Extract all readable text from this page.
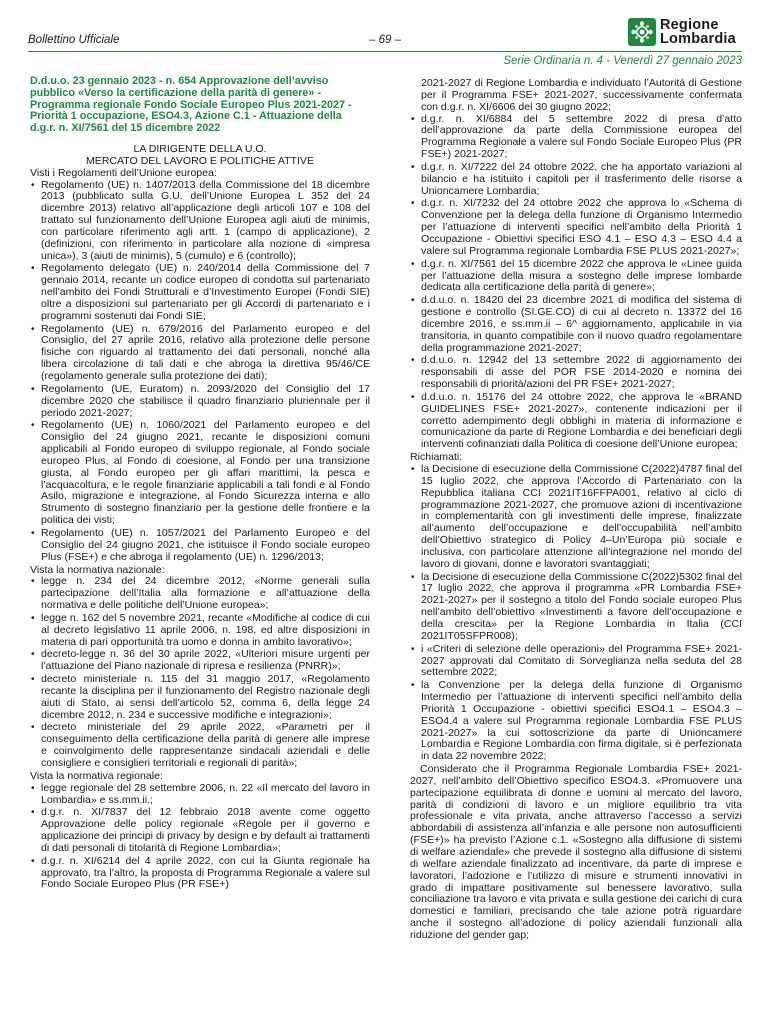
Bollettino Ufficiale	– 69 –
Regione
Lombardia
Serie Ordinaria n. 4 - Venerdì 27 gennaio 2023
D.d.u.o. 23 gennaio 2023 - n. 654 Approvazione dell’avviso pubblico «Verso la certificazione della parità di genere» - Programma regionale Fondo Sociale Europeo Plus 2021-2027 - Priorità 1 occupazione, ESO4.3, Azione C.1 - Attuazione della d.g.r. n. XI/7561 del 15 dicembre 2022

LA DIRIGENTE DELLA U.O.

MERCATO DEL LAVORO E POLITICHE ATTIVE

Visti i Regolamenti dell’Unione europea:

• Regolamento (UE) n. 1407/2013 della Commissione del 18 dicembre 2013 (pubblicato sulla G.U. dell’Unione Europea L 352 del 24 dicembre 2013) relativo all’applicazione degli articoli 107 e 108 del trattato sul funzionamento dell’Unione Europea agli aiuti de minimis, con particolare riferimento agli artt. 1 (campo di applicazione), 2 (definizioni, con riferimento in particolare alla nozione di «impresa unica»), 3 (aiuti de minimis), 5 (cumulo) e 6 (controllo);
• Regolamento delegato (UE) n. 240/2014 della Commissione del 7 gennaio 2014, recante un codice europeo di condotta sul partenariato nell’ambito dei Fondi Strutturali e d’Investimento Europei (Fondi SIE) oltre a disposizioni sul partenariato per gli Accordi di partenariato e i programmi sostenuti dai Fondi SIE;
• Regolamento (UE) n. 679/2016 del Parlamento europeo e del Consiglio, del 27 aprile 2016, relativo alla protezione delle persone fisiche con riguardo al trattamento dei dati personali, nonché alla libera circolazione di tali dati e che abroga la direttiva 95/46/CE (regolamento generale sulla protezione dei dati);
• Regolamento (UE, Euratom) n. 2093/2020 del Consiglio del 17 dicembre 2020 che stabilisce il quadro finanziario pluriennale per il periodo 2021-2027;
• Regolamento (UE) n. 1060/2021 del Parlamento europeo e del Consiglio del 24 giugno 2021, recante le disposizioni comuni applicabili al Fondo europeo di sviluppo regionale, al Fondo sociale europeo Plus, al Fondo di coesione, al Fondo per una transizione giusta, al Fondo europeo per gli affari marittimi, la pesca e l’acquacoltura, e le regole finanziarie applicabili a tali fondi e al Fondo Asilo, migrazione e integrazione, al Fondo Sicurezza interna e allo Strumento di sostegno finanziario per la gestione delle frontiere e la politica dei visti;
• Regolamento (UE) n. 1057/2021 del Parlamento Europeo e del Consiglio del 24 giugno 2021, che istituisce il Fondo sociale europeo Plus (FSE+) e che abroga il regolamento (UE) n. 1296/2013;

Vista la normativa nazionale:

• legge n. 234 del 24 dicembre 2012, «Norme generali sulla partecipazione dell’Italia alla formazione e all’attuazione della normativa e delle politiche dell’Unione europea»;
• legge n. 162 del 5 novembre 2021, recante «Modifiche al codice di cui al decreto legislativo 11 aprile 2006, n. 198, ed altre disposizioni in materia di pari opportunità tra uomo e donna in ambito lavorativo»;
• decreto-legge n. 36 del 30 aprile 2022, «Ulteriori misure urgenti per l’attuazione del Piano nazionale di ripresa e resilienza (PNRR)»;
• decreto ministeriale n. 115 del 31 maggio 2017, «Regolamento recante la disciplina per il funzionamento del Registro nazionale degli aiuti di Stato, ai sensi dell’articolo 52, comma 6, della legge 24 dicembre 2012, n. 234 e successive modifiche e integrazioni»;
• decreto ministeriale del 29 aprile 2022, «Parametri per il conseguimento della certificazione della parità di genere alle imprese e coinvolgimento delle rappresentanze sindacali aziendali e delle consigliere e consiglieri territoriali e regionali di parità»;

Vista la normativa regionale:

• legge regionale del 28 settembre 2006, n. 22 «Il mercato del lavoro in Lombardia» e ss.mm.ii.;
• d.g.r. n. XI/7837 del 12 febbraio 2018 avente come oggetto Approvazione delle policy regionale «Regole per il governo e applicazione dei principi di privacy by design e by default ai trattamenti di dati personali di titolarità di Regione Lombardia»;
• d.g.r. n. XI/6214 del 4 aprile 2022, con cui la Giunta regionale ha approvato, tra l’altro, la proposta di Programma Regionale a valere sul Fondo Sociale Europeo Plus (PR FSE+)

2021-2027 di Regione Lombardia e individuato l’Autorità di Gestione per il Programma FSE+ 2021-2027, successivamente confermata con d.g.r. n. XI/6606 del 30 giugno 2022;

• d.g.r. n. XI/6884 del 5 settembre 2022 di presa d’atto dell’approvazione da parte della Commissione europea del Programma Regionale a valere sul Fondo Sociale Europeo Plus (PR FSE+) 2021-2027;
• d.g.r. n. XI/7222 del 24 ottobre 2022, che ha apportato variazioni al bilancio e ha istituito i capitoli per il trasferimento delle risorse a Unioncamere Lombardia;
• d.g.r. n. XI/7232 del 24 ottobre 2022 che approva lo «Schema di Convenzione per la delega della funzione di Organismo Intermedio per l’attuazione di interventi specifici nell’ambito della Priorità 1 Occupazione - Obiettivi specifici ESO 4.1 – ESO 4.3 – ESO 4.4 a valere sul Programma regionale Lombardia FSE PLUS 2021-2027»;
• d.g.r. n. XI/7561 del 15 dicembre 2022 che approva le «Linee guida per l’attuazione della misura a sostegno delle imprese lombarde dedicata alla certificazione della parità di genere»;
• d.d.u.o. n. 18420 del 23 dicembre 2021 di modifica del sistema di gestione e controllo (SI.GE.CO) di cui al decreto n. 13372 del 16 dicembre 2016, e ss.mm.ii – 6^ aggiornamento, applicabile in via transitoria, in quanto compatibile con il nuovo quadro regolamentare della programmazione 2021-2027;
• d.d.u.o. n. 12942 del 13 settembre 2022 di aggiornamento dei responsabili di asse del POR FSE 2014-2020 e nomina dei responsabili di priorità/azioni del PR FSE+ 2021-2027;
• d.d.u.o. n. 15176 del 24 ottobre 2022, che approva le «BRAND GUIDELINES FSE+ 2021-2027», contenente indicazioni per il corretto adempimento degli obblighi in materia di informazione e comunicazione da parte di Regione Lombardia e dei beneficiari degli interventi cofinanziati dalla Politica di coesione dell’Unione europea;

Richiamati:

• la Decisione di esecuzione della Commissione C(2022)4787 final del 15 luglio 2022, che approva l’Accordo di Partenariato con la Repubblica italiana CCI 2021IT16FFPA001, relativo al ciclo di programmazione 2021-2027, che promuove azioni di incentivazione in complementarità con gli investimenti delle imprese, finalizzate all’aumento dell’occupazione e dell’occupabilità nell’ambito dell’Obiettivo strategico di Policy 4–Un’Europa più sociale e inclusiva, con particolare attenzione all’integrazione nel mondo del lavoro di giovani, donne e lavoratori svantaggiati;
• la Decisione di esecuzione della Commissione C(2022)5302 final del 17 luglio 2022, che approva il programma «PR Lombardia FSE+ 2021-2027» per il sostegno a titolo del Fondo sociale europeo Plus nell’ambito dell’obiettivo «Investimenti a favore dell’occupazione e della crescita» per la Regione Lombardia in Italia (CCI 2021IT05SFPR008);
• i «Criteri di selezione delle operazioni» del Programma FSE+ 2021-2027 approvati dal Comitato di Sorveglianza nella seduta del 28 settembre 2022;
• la Convenzione per la delega della funzione di Organismo Intermedio per l’attuazione di interventi specifici nell’ambito della Priorità 1 Occupazione - obiettivi specifici ESO4.1 – ESO4.3 – ESO4.4 a valere sul Programma regionale Lombardia FSE PLUS 2021-2027» la cui sottoscrizione da parte di Unioncamere Lombardia e Regione Lombardia con firma digitale, si è perfezionata in data 22 novembre 2022;

Considerato che il Programma Regionale Lombardia FSE+ 2021-2027, nell’ambito dell’Obiettivo specifico ESO4.3. «Promuovere una partecipazione equilibrata di donne e uomini al mercato del lavoro, parità di condizioni di lavoro e un migliore equilibrio tra vita professionale e vita privata, anche attraverso l’accesso a servizi abbordabili di assistenza all’infanzia e alle persone non autosufficienti (FSE+)» ha previsto l’Azione c.1. «Sostegno alla diffusione di sistemi di welfare aziendale» che prevede il sostegno alla diffusione di sistemi di welfare aziendale finalizzato ad incentivare, da parte di imprese e lavoratori, l’adozione e l’utilizzo di misure e strumenti innovativi in grado di impattare positivamente sul benessere lavorativo, sulla conciliazione tra lavoro e vita privata e sulla gestione dei carichi di cura domestici e familiari, precisando che tale azione potrà riguardare anche il sostegno all’adozione di policy aziendali funzionali alla riduzione del gender gap;
